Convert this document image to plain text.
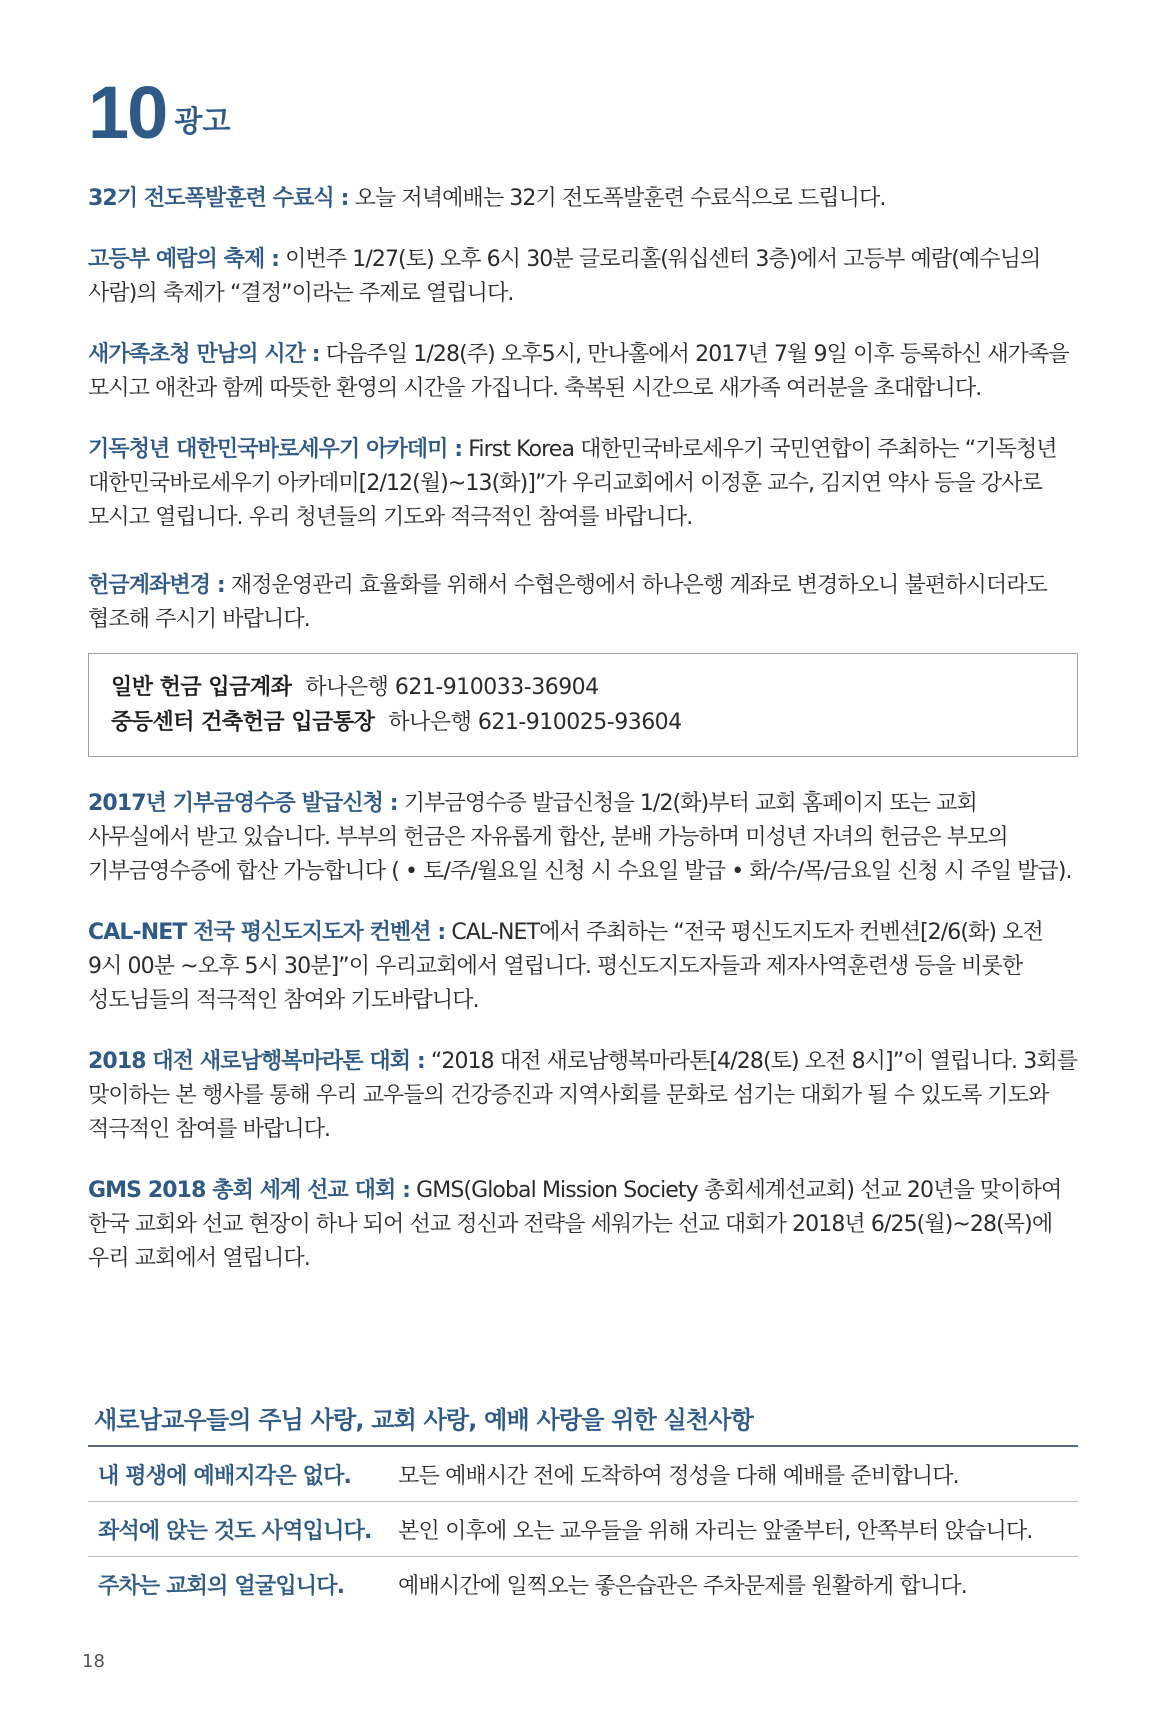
10 광고

32기 전도폭발훈련 수료식 : 오늘 저녁예배는 32기 전도폭발훈련 수료식으로 드립니다.

고등부 예람의 축제 : 이번주 1/27(토) 오후 6시 30분 글로리홀(워십센터 3층)에서 고등부 예람(예수님의 사람)의 축제가 “결정”이라는 주제로 열립니다.

새가족초청 만남의 시간 : 다음주일 1/28(주) 오후5시, 만나홀에서 2017년 7월 9일 이후 등록하신 새가족을 모시고 애찬과 함께 따뜻한 환영의 시간을 가집니다. 축복된 시간으로 새가족 여러분을 초대합니다.

기독청년 대한민국바로세우기 아카데미 : First Korea 대한민국바로세우기 국민연합이 주최하는 “기독청년 대한민국바로세우기 아카데미[2/12(월)~13(화)]”가 우리교회에서 이정훈 교수, 김지연 약사 등을 강사로 모시고 열립니다. 우리 청년들의 기도와 적극적인 참여를 바랍니다.

헌금계좌변경 : 재정운영관리 효율화를 위해서 수협은행에서 하나은행 계좌로 변경하오니 불편하시더라도 협조해 주시기 바랍니다.

일반 헌금 입금계좌 하나은행 621-910033-36904
중등센터 건축헌금 입금통장 하나은행 621-910025-93604

2017년 기부금영수증 발급신청 : 기부금영수증 발급신청을 1/2(화)부터 교회 홈페이지 또는 교회 사무실에서 받고 있습니다. 부부의 헌금은 자유롭게 합산, 분배 가능하며 미성년 자녀의 헌금은 부모의 기부금영수증에 합산 가능합니다 ( • 토/주/월요일 신청 시 수요일 발급 • 화/수/목/금요일 신청 시 주일 발급).

CAL-NET 전국 평신도지도자 컨벤션 : CAL-NET에서 주최하는 “전국 평신도지도자 컨벤션[2/6(화) 오전 9시 00분 ~오후 5시 30분]”이 우리교회에서 열립니다. 평신도지도자들과 제자사역훈련생 등을 비롯한 성도님들의 적극적인 참여와 기도바랍니다.

2018 대전 새로남행복마라톤 대회 : “2018 대전 새로남행복마라톤[4/28(토) 오전 8시]”이 열립니다. 3회를 맞이하는 본 행사를 통해 우리 교우들의 건강증진과 지역사회를 문화로 섬기는 대회가 될 수 있도록 기도와 적극적인 참여를 바랍니다.

GMS 2018 총회 세계 선교 대회 : GMS(Global Mission Society 총회세계선교회) 선교 20년을 맞이하여 한국 교회와 선교 현장이 하나 되어 선교 정신과 전략을 세워가는 선교 대회가 2018년 6/25(월)~28(목)에 우리 교회에서 열립니다.

새로남교우들의 주님 사랑, 교회 사랑, 예배 사랑을 위한 실천사항
내 평생에 예배지각은 없다.	모든 예배시간 전에 도착하여 정성을 다해 예배를 준비합니다.
좌석에 앉는 것도 사역입니다.	본인 이후에 오는 교우들을 위해 자리는 앞줄부터, 안쪽부터 앉습니다.
주차는 교회의 얼굴입니다.	예배시간에 일찍오는 좋은습관은 주차문제를 원활하게 합니다.
18
